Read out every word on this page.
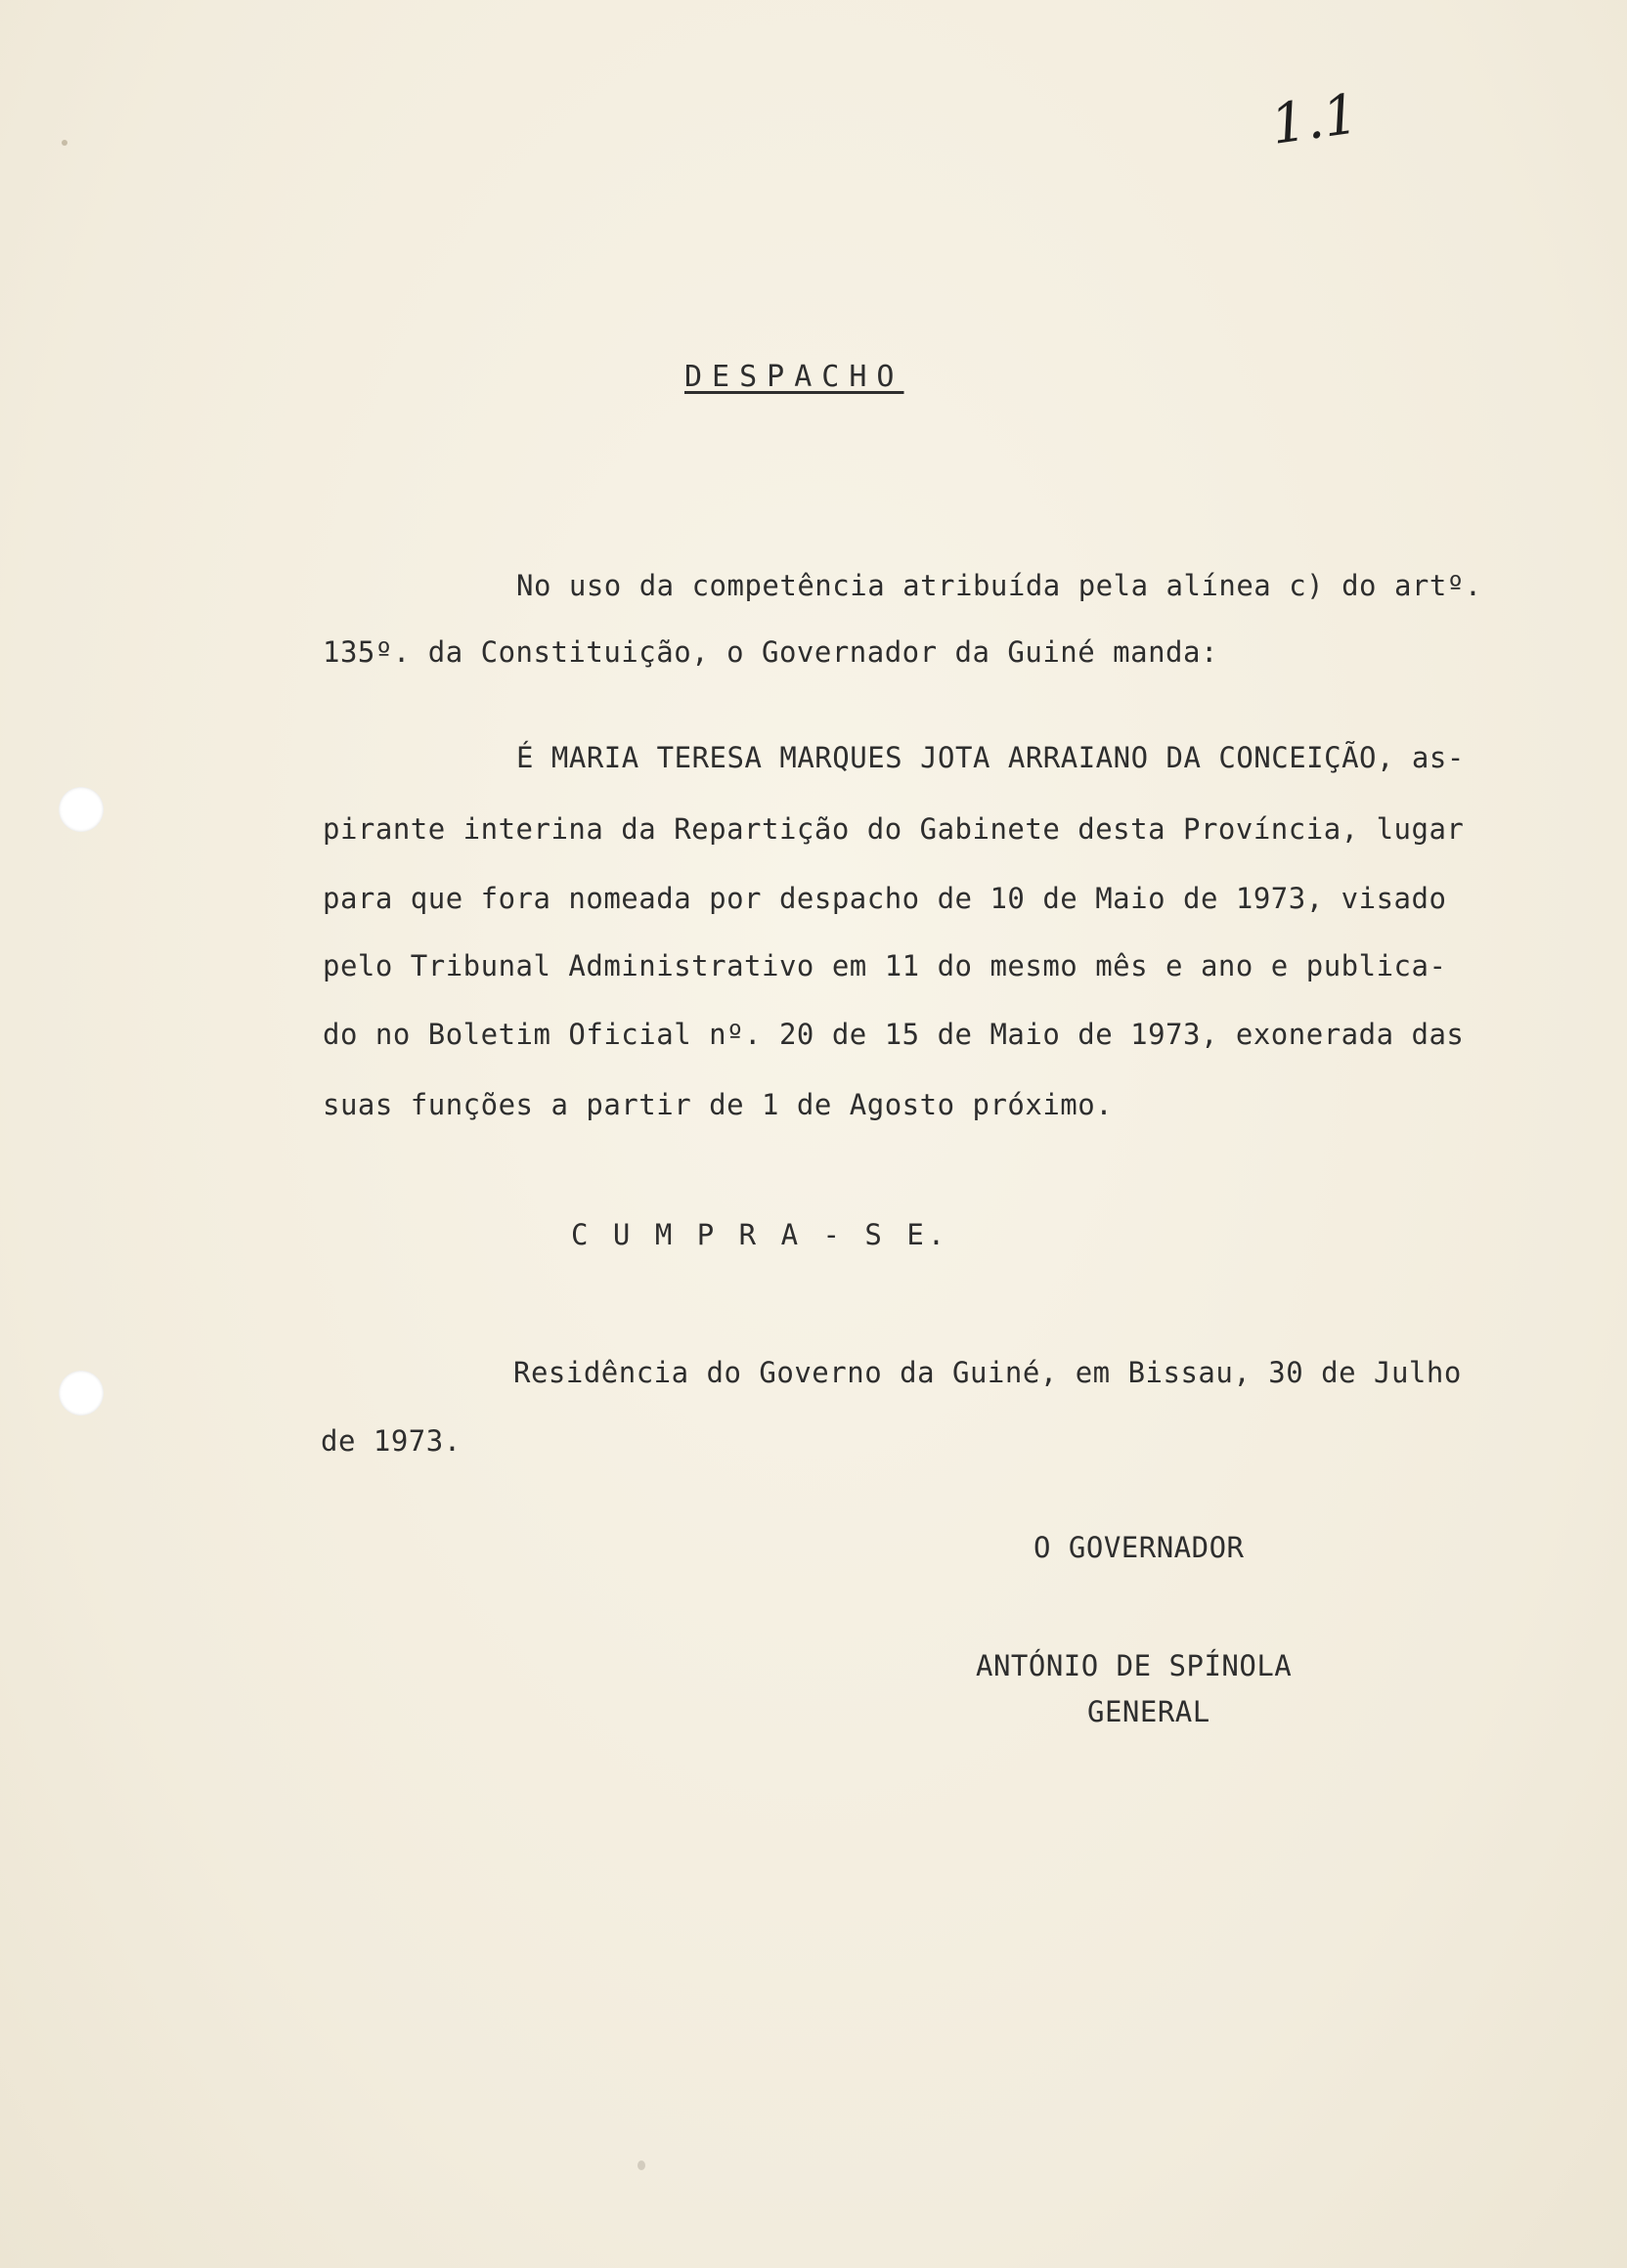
1.1
DESPACHO
No uso da competência atribuída pela alínea c) do artº.
135º. da Constituição, o Governador da Guiné manda:
É MARIA TERESA MARQUES JOTA ARRAIANO DA CONCEIÇÃO, as-
pirante interina da Repartição do Gabinete desta Província, lugar
para que fora nomeada por despacho de 10 de Maio de 1973, visado
pelo Tribunal Administrativo em 11 do mesmo mês e ano e publica-
do no Boletim Oficial nº. 20 de 15 de Maio de 1973, exonerada das
suas funções a partir de 1 de Agosto próximo.
C U M P R A - S E.
Residência do Governo da Guiné, em Bissau, 30 de Julho
de 1973.
O GOVERNADOR
ANTÓNIO DE SPÍNOLA
GENERAL
